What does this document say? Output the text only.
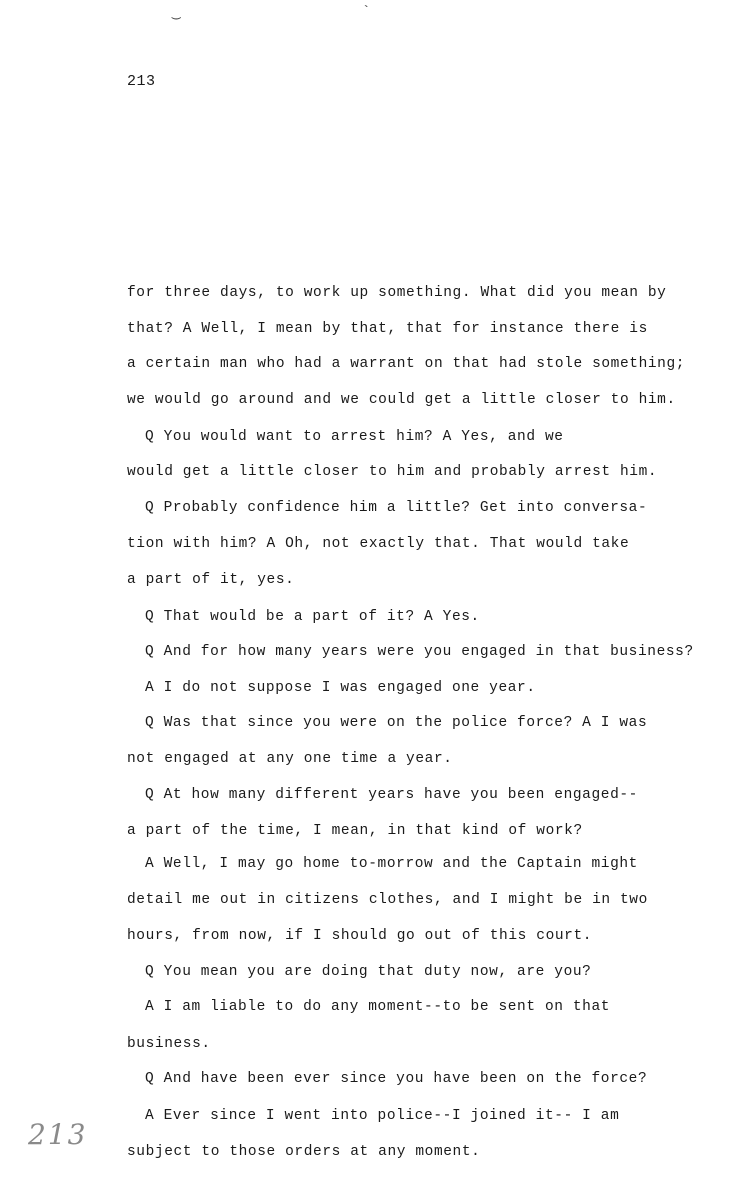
‿	`
213
for three days, to work up something. What did you mean by
that? A Well, I mean by that, that for instance there is
a certain man who had a warrant on that had stole something;
we would go around and we could get a little closer to him.
Q You would want to arrest him? A Yes, and we
would get a little closer to him and probably arrest him.
Q Probably confidence him a little? Get into conversa-
tion with him? A Oh, not exactly that. That would take
a part of it, yes.
Q That would be a part of it? A Yes.
Q And for how many years were you engaged in that business?
A I do not suppose I was engaged one year.
Q Was that since you were on the police force? A I was
not engaged at any one time a year.
Q At how many different years have you been engaged--
a part of the time, I mean, in that kind of work?
A Well, I may go home to-morrow and the Captain might
detail me out in citizens clothes, and I might be in two
hours, from now, if I should go out of this court.
Q You mean you are doing that duty now, are you?
A I am liable to do any moment--to be sent on that
business.
Q And have been ever since you have been on the force?
A Ever since I went into police--I joined it-- I am
subject to those orders at any moment.
213
